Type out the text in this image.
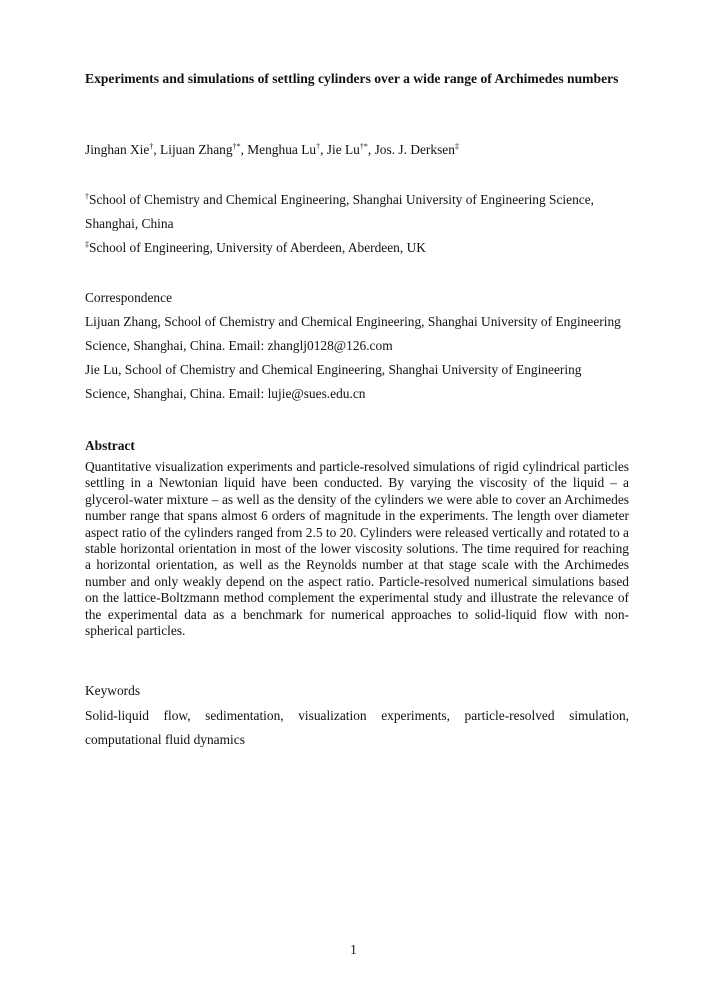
Experiments and simulations of settling cylinders over a wide range of Archimedes numbers
Jinghan Xie†, Lijuan Zhang†*, Menghua Lu†, Jie Lu†*, Jos. J. Derksen‡
†School of Chemistry and Chemical Engineering, Shanghai University of Engineering Science, Shanghai, China
‡School of Engineering, University of Aberdeen, Aberdeen, UK
Correspondence
Lijuan Zhang, School of Chemistry and Chemical Engineering, Shanghai University of Engineering Science, Shanghai, China. Email: zhanglj0128@126.com
Jie Lu, School of Chemistry and Chemical Engineering, Shanghai University of Engineering Science, Shanghai, China. Email: lujie@sues.edu.cn
Abstract
Quantitative visualization experiments and particle-resolved simulations of rigid cylindrical particles settling in a Newtonian liquid have been conducted. By varying the viscosity of the liquid – a glycerol-water mixture – as well as the density of the cylinders we were able to cover an Archimedes number range that spans almost 6 orders of magnitude in the experiments. The length over diameter aspect ratio of the cylinders ranged from 2.5 to 20. Cylinders were released vertically and rotated to a stable horizontal orientation in most of the lower viscosity solutions. The time required for reaching a horizontal orientation, as well as the Reynolds number at that stage scale with the Archimedes number and only weakly depend on the aspect ratio. Particle-resolved numerical simulations based on the lattice-Boltzmann method complement the experimental study and illustrate the relevance of the experimental data as a benchmark for numerical approaches to solid-liquid flow with non-spherical particles.
Keywords
Solid-liquid flow, sedimentation, visualization experiments, particle-resolved simulation, computational fluid dynamics
1
